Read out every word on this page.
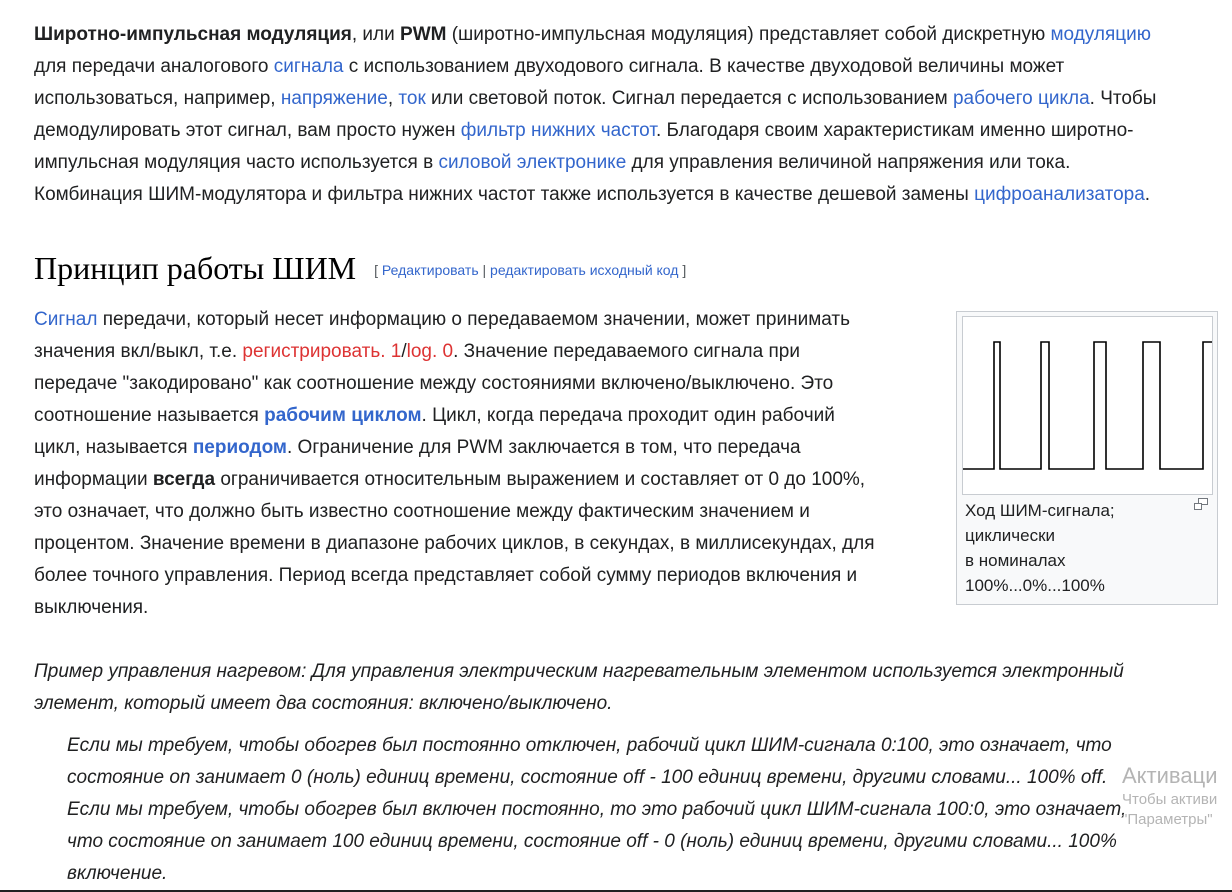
Широтно-импульсная модуляция, или PWM (широтно-импульсная модуляция) представляет собой дискретную модуляцию
для передачи аналогового сигнала с использованием двуходового сигнала. В качестве двуходовой величины может
использоваться, например, напряжение, ток или световой поток. Сигнал передается с использованием рабочего цикла. Чтобы
демодулировать этот сигнал, вам просто нужен фильтр нижних частот. Благодаря своим характеристикам именно широтно-
импульсная модуляция часто используется в силовой электронике для управления величиной напряжения или тока.
Комбинация ШИМ-модулятора и фильтра нижних частот также используется в качестве дешевой замены цифроанализатора.
Принцип работы ШИМ [ Редактировать | редактировать исходный код ]
Сигнал передачи, который несет информацию о передаваемом значении, может принимать
значения вкл/выкл, т.е. регистрировать. 1/log. 0. Значение передаваемого сигнала при
передаче "закодировано" как соотношение между состояниями включено/выключено. Это
соотношение называется рабочим циклом. Цикл, когда передача проходит один рабочий
цикл, называется периодом. Ограничение для PWM заключается в том, что передача
информации всегда ограничивается относительным выражением и составляет от 0 до 100%,
это означает, что должно быть известно соотношение между фактическим значением и
процентом. Значение времени в диапазоне рабочих циклов, в секундах, в миллисекундах, для
более точного управления. Период всегда представляет собой сумму периодов включения и
выключения.
Ход ШИМ-сигнала;
циклически
в номиналах
100%...0%...100%
Пример управления нагревом: Для управления электрическим нагревательным элементом используется электронный
элемент, который имеет два состояния: включено/выключено.
Если мы требуем, чтобы обогрев был постоянно отключен, рабочий цикл ШИМ-сигнала 0:100, это означает, что
состояние on занимает 0 (ноль) единиц времени, состояние off - 100 единиц времени, другими словами... 100% off.
Если мы требуем, чтобы обогрев был включен постоянно, то это рабочий цикл ШИМ-сигнала 100:0, это означает,
что состояние on занимает 100 единиц времени, состояние off - 0 (ноль) единиц времени, другими словами... 100%
включение.
Активаци
Чтобы активи
"Параметры"
